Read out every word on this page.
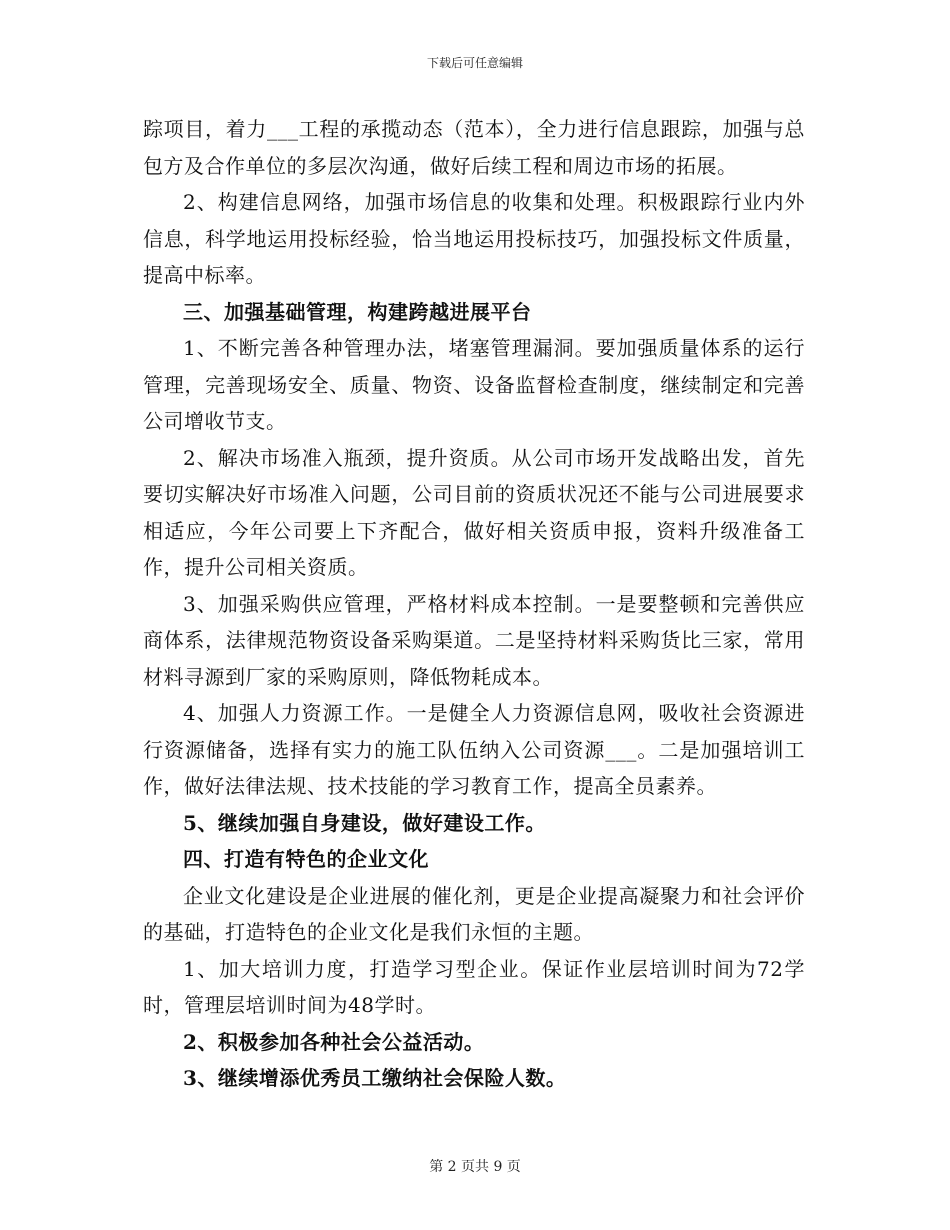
下载后可任意编辑

踪项目，着力___工程的承揽动态（范本），全力进行信息跟踪，加强与总包方及合作单位的多层次沟通，做好后续工程和周边市场的拓展。

2、构建信息网络，加强市场信息的收集和处理。积极跟踪行业内外信息，科学地运用投标经验，恰当地运用投标技巧，加强投标文件质量，提高中标率。

三、加强基础管理，构建跨越进展平台

1、不断完善各种管理办法，堵塞管理漏洞。要加强质量体系的运行管理，完善现场安全、质量、物资、设备监督检查制度，继续制定和完善公司增收节支。

2、解决市场准入瓶颈，提升资质。从公司市场开发战略出发，首先要切实解决好市场准入问题，公司目前的资质状况还不能与公司进展要求相适应，今年公司要上下齐配合，做好相关资质申报，资料升级准备工作，提升公司相关资质。

3、加强采购供应管理，严格材料成本控制。一是要整顿和完善供应商体系，法律规范物资设备采购渠道。二是坚持材料采购货比三家，常用材料寻源到厂家的采购原则，降低物耗成本。

4、加强人力资源工作。一是健全人力资源信息网，吸收社会资源进行资源储备，选择有实力的施工队伍纳入公司资源___。二是加强培训工作，做好法律法规、技术技能的学习教育工作，提高全员素养。

5、继续加强自身建设，做好建设工作。

四、打造有特色的企业文化

企业文化建设是企业进展的催化剂，更是企业提高凝聚力和社会评价的基础，打造特色的企业文化是我们永恒的主题。

1、加大培训力度，打造学习型企业。保证作业层培训时间为72学时，管理层培训时间为48学时。

2、积极参加各种社会公益活动。

3、继续增添优秀员工缴纳社会保险人数。

第 2 页共 9 页
